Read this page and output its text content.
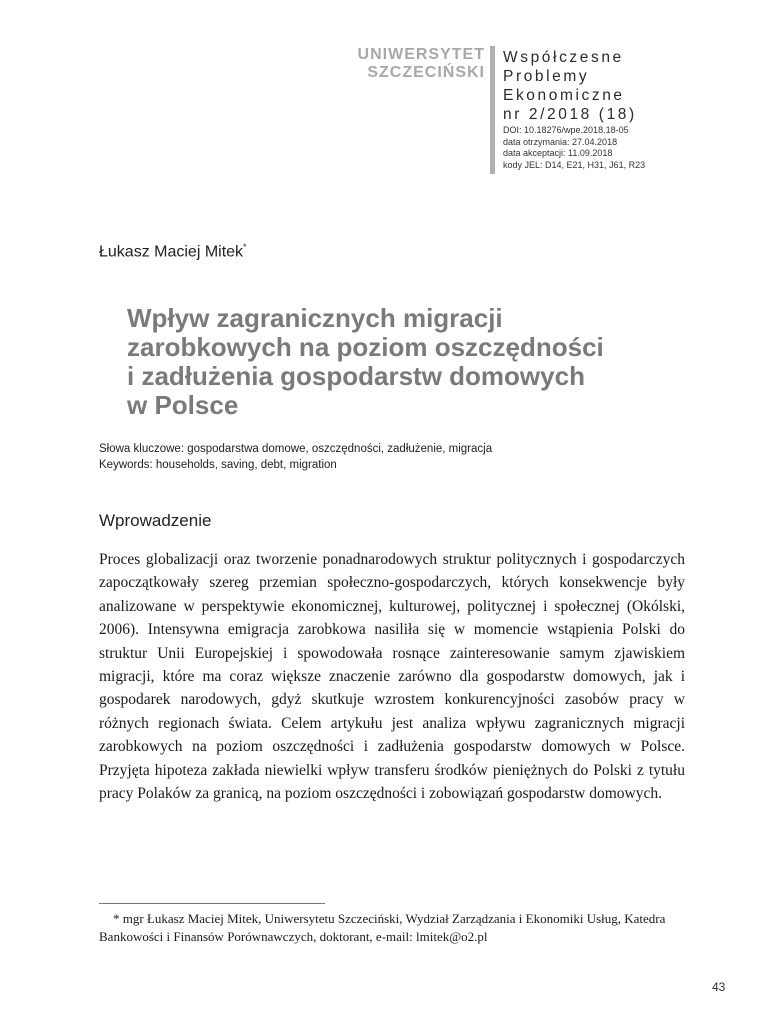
UNIWERSYTET
SZCZECIŃSKI
Współczesne
Problemy
Ekonomiczne
nr 2/2018 (18)
DOI: 10.18276/wpe.2018.18-05
data otrzymania: 27.04.2018
data akceptacji: 11.09.2018
kody JEL: D14, E21, H31, J61, R23
Łukasz Maciej Mitek*
Wpływ zagranicznych migracji
zarobkowych na poziom oszczędności
i zadłużenia gospodarstw domowych
w Polsce
Słowa kluczowe: gospodarstwa domowe, oszczędności, zadłużenie, migracja
Keywords: households, saving, debt, migration
Wprowadzenie

Proces globalizacji oraz tworzenie ponadnarodowych struktur politycznych i gospodarczych zapoczątkowały szereg przemian społeczno-gospodarczych, których konsekwencje były analizowane w perspektywie ekonomicznej, kulturowej, politycznej i społecznej (Okólski, 2006). Intensywna emigracja zarobkowa nasiliła się w momencie wstąpienia Polski do struktur Unii Europejskiej i spowodowała rosnące zainteresowanie samym zjawiskiem migracji, które ma coraz większe znaczenie zarówno dla gospodarstw domowych, jak i gospodarek narodowych, gdyż skutkuje wzrostem konkurencyjności zasobów pracy w różnych regionach świata. Celem artykułu jest analiza wpływu zagranicznych migracji zarobkowych na poziom oszczędności i zadłużenia gospodarstw domowych w Polsce. Przyjęta hipoteza zakłada niewielki wpływ transferu środków pieniężnych do Polski z tytułu pracy Polaków za granicą, na poziom oszczędności i zobowiązań gospodarstw domowych.

* mgr Łukasz Maciej Mitek, Uniwersytetu Szczeciński, Wydział Zarządzania i Ekonomiki Usług, Katedra Bankowości i Finansów Porównawczych, doktorant, e-mail: lmitek@o2.pl

43
